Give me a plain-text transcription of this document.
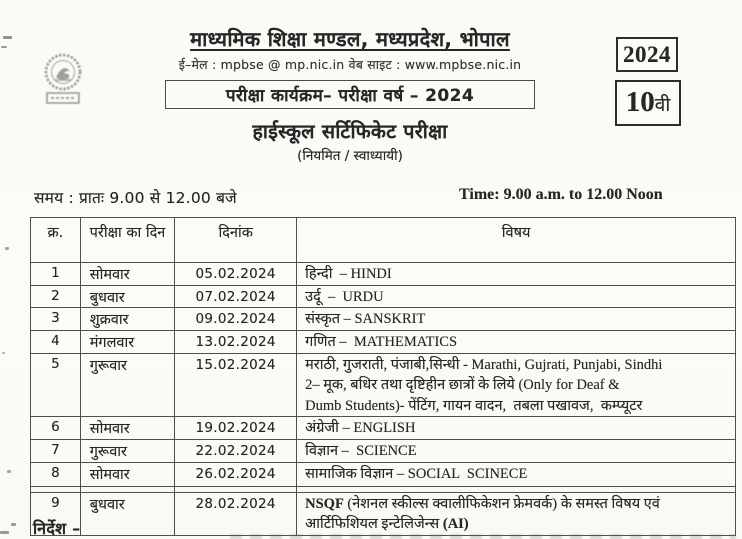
माध्यमिक शिक्षा मण्डल, मध्यप्रदेश, भोपाल
ई–मेल : mpbse @ mp.nic.in वेब साइट : www.mpbse.nic.in
परीक्षा कार्यक्रम– परीक्षा वर्ष – 2024
हाईस्कूल सर्टिफिकेट परीक्षा
(नियमित / स्वाध्यायी)
2024
10 वी
समय : प्रातः 9.00 से 12.00 बजे	Time: 9.00 a.m. to 12.00 Noon
क्र.	परीक्षा का दिन	दिनांक	विषय
1	सोमवार	05.02.2024	हिन्दी  – HINDI
2	बुधवार	07.02.2024	उर्दू  –  URDU
3	शुक्रवार	09.02.2024	संस्कृत – SANSKRIT
4	मंगलवार	13.02.2024	गणित –  MATHEMATICS
5	गुरूवार	15.02.2024	मराठी, गुजराती, पंजाबी,सिन्धी - Marathi, Gujrati, Punjabi, Sindhi
2– मूक, बधिर तथा दृष्टिहीन छात्रों के लिये (Only for Deaf &
Dumb Students)- पेंटिंग, गायन वादन,  तबला पखावज,  कम्प्यूटर
6	सोमवार	19.02.2024	अंग्रेजी – ENGLISH
7	गुरूवार	22.02.2024	विज्ञान –  SCIENCE
8	सोमवार	26.02.2024	सामाजिक विज्ञान – SOCIAL  SCINECE

9	बुधवार	28.02.2024	NSQF (नेशनल स्कील्स क्वालीफिकेशन फ्रेमवर्क) के समस्त विषय एवं
आर्टिफिशियल इन्टेलिजेन्स (AI)
निर्देश –
